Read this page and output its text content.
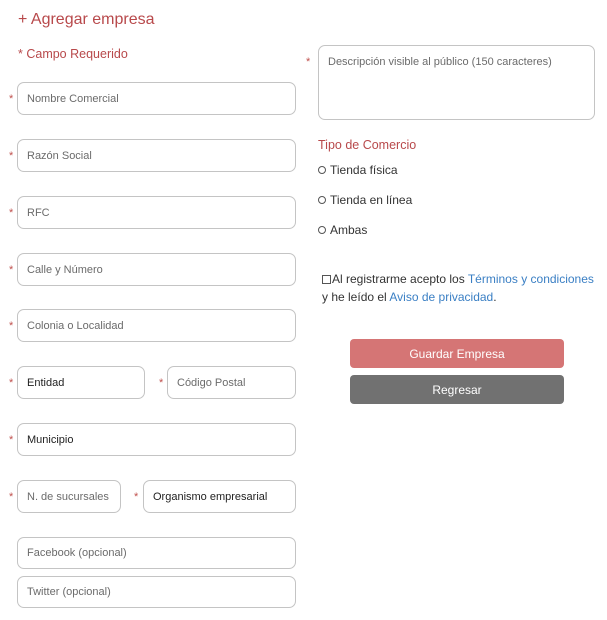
+ Agregar empresa
* Campo Requerido
*
Nombre Comercial
*
Razón Social
*
RFC
*
Calle y Número
*
Colonia o Localidad
*
Entidad	*
Código Postal
*
Municipio
*
N. de sucursales	*
Organismo empresarial
Facebook (opcional)
Twitter (opcional)
*
Descripción visible al público (150 caracteres)
Tipo de Comercio
Tienda física
Tienda en línea
Ambas
Al registrarme acepto los Términos y condiciones
y he leído el Aviso de privacidad.
Guardar Empresa
Regresar
